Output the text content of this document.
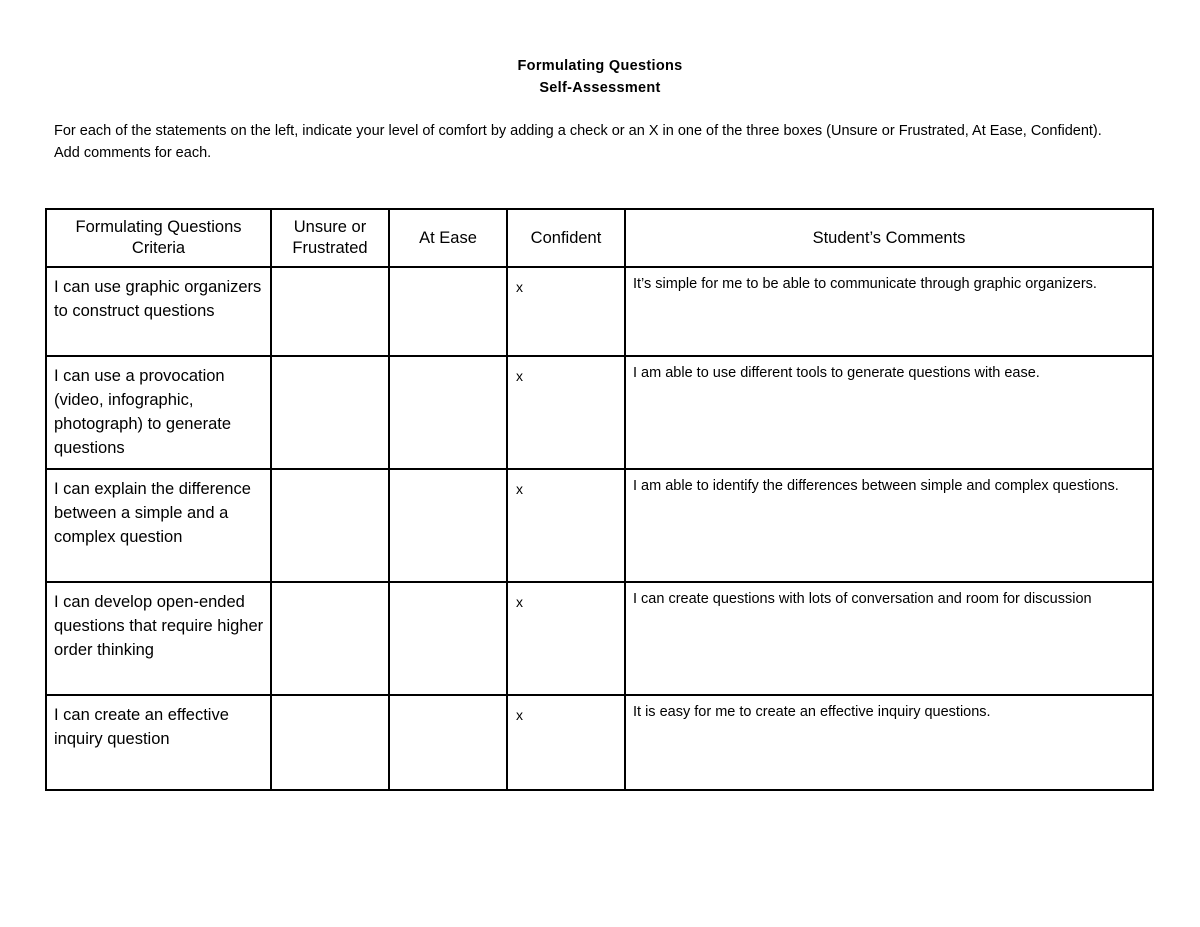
Formulating Questions
Self-Assessment

For each of the statements on the left, indicate your level of comfort by adding a check or an X in one of the three boxes (Unsure or Frustrated, At Ease, Confident).

Add comments for each.

Formulating Questions Criteria	Unsure or Frustrated	At Ease	Confident	Student’s Comments
I can use graphic organizers to construct questions			x	It’s simple for me to be able to communicate through graphic organizers.
I can use a provocation (video, infographic, photograph) to generate questions			x	I am able to use different tools to generate questions with ease.
I can explain the difference between a simple and a complex question			x	I am able to identify the differences between simple and complex questions.
I can develop open-ended questions that require higher order thinking			x	I can create questions with lots of conversation and room for discussion
I can create an effective inquiry question			x	It is easy for me to create an effective inquiry questions.
